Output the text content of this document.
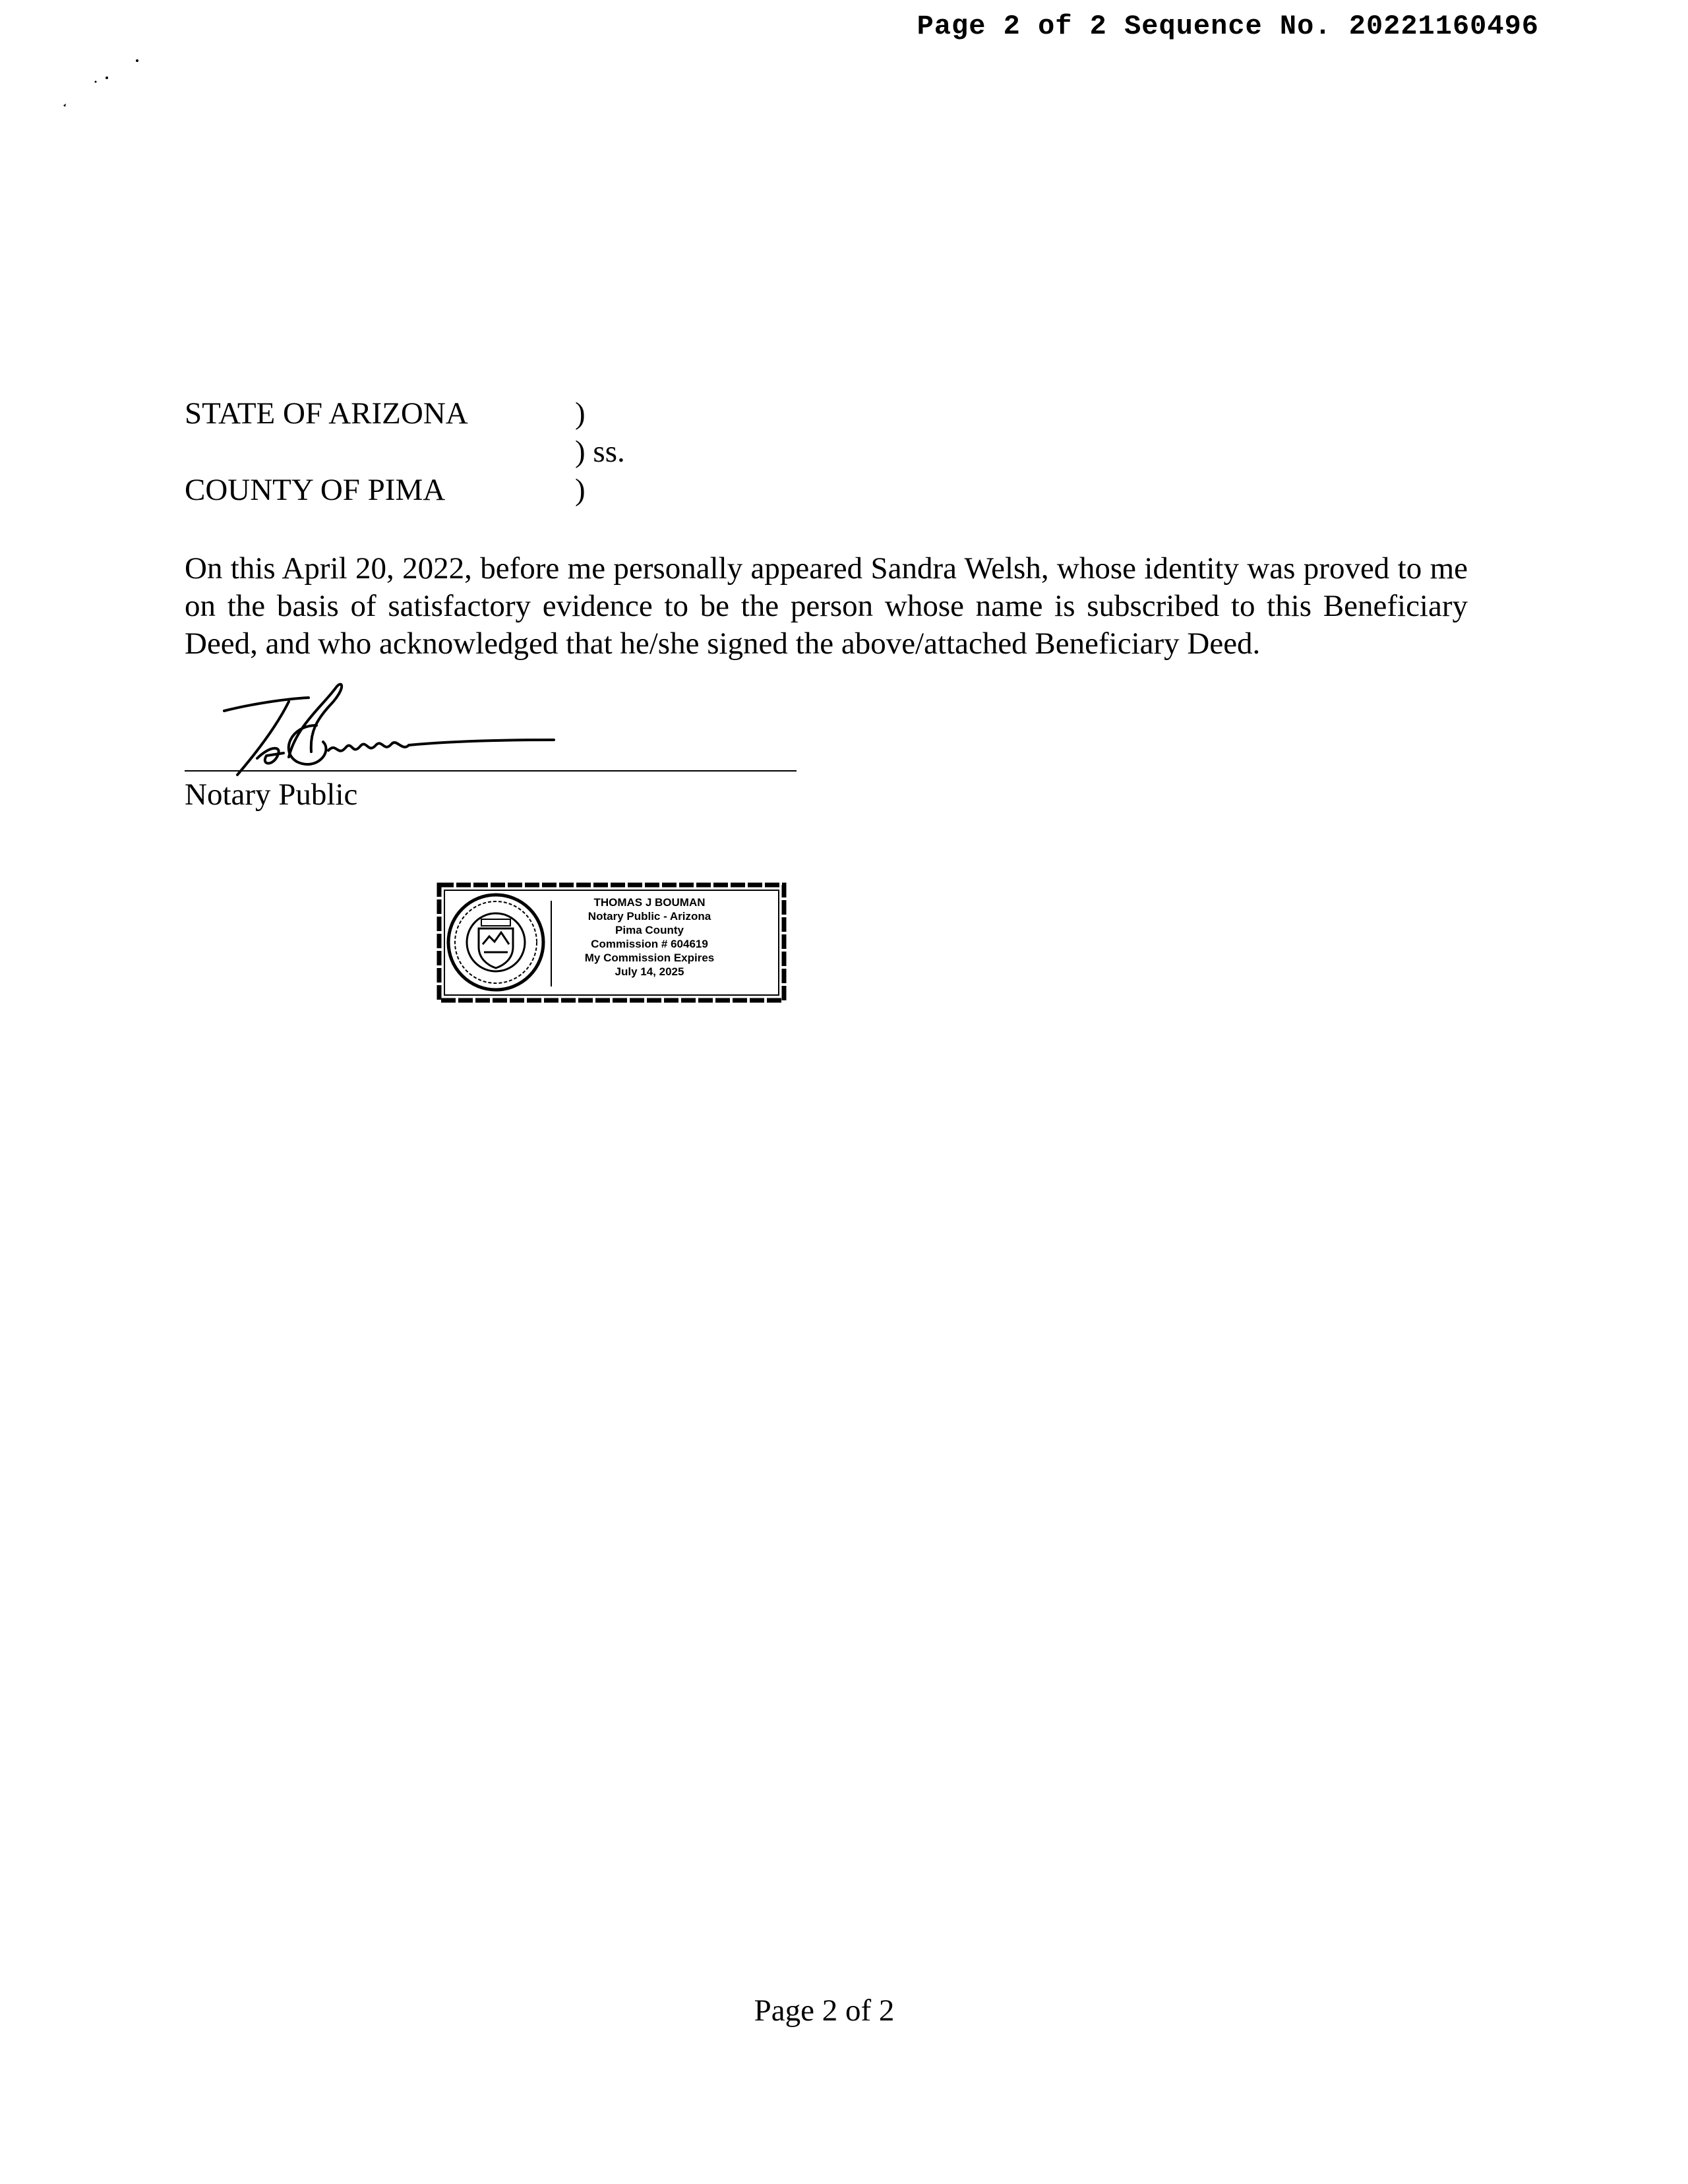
Page 2 of 2 Sequence No. 20221160496
STATE OF ARIZONA	)
) ss.
COUNTY OF PIMA	)

On this April 20, 2022, before me personally appeared Sandra Welsh, whose identity was proved to me on the basis of satisfactory evidence to be the person whose name is subscribed to this Beneficiary Deed, and who acknowledged that he/she signed the above/attached Beneficiary Deed.

Notary Public
THOMAS J BOUMAN
Notary Public - Arizona
Pima County
Commission # 604619
My Commission Expires
July 14, 2025
Page 2 of 2
